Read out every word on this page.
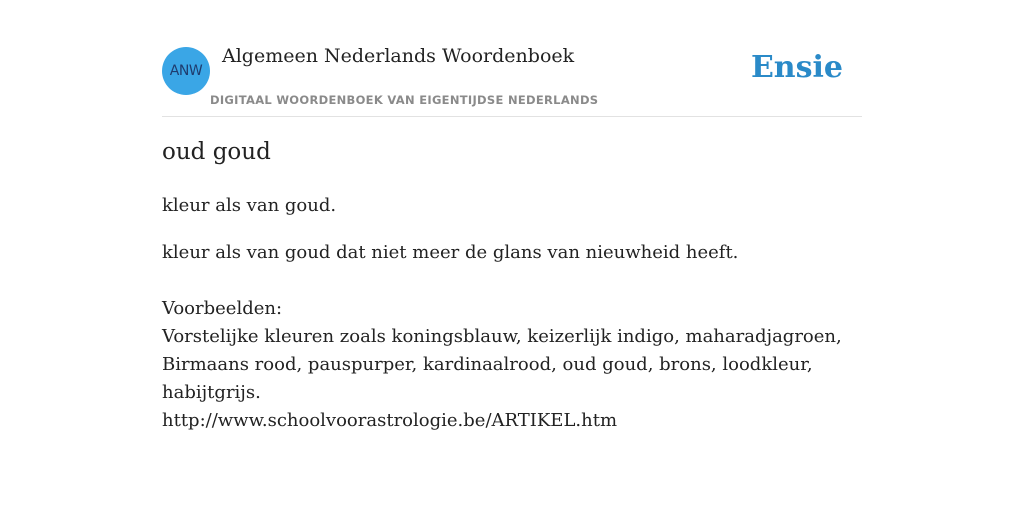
ANW
Algemeen Nederlands Woordenboek
DIGITAAL WOORDENBOEK VAN EIGENTIJDSE NEDERLANDS
Ensie
oud goud
kleur als van goud.
kleur als van goud dat niet meer de glans van nieuwheid heeft.
Voorbeelden:
Vorstelijke kleuren zoals koningsblauw, keizerlijk indigo, maharadjagroen,
Birmaans rood, pauspurper, kardinaalrood, oud goud, brons, loodkleur,
habijtgrijs.
http://www.schoolvoorastrologie.be/ARTIKEL.htm
